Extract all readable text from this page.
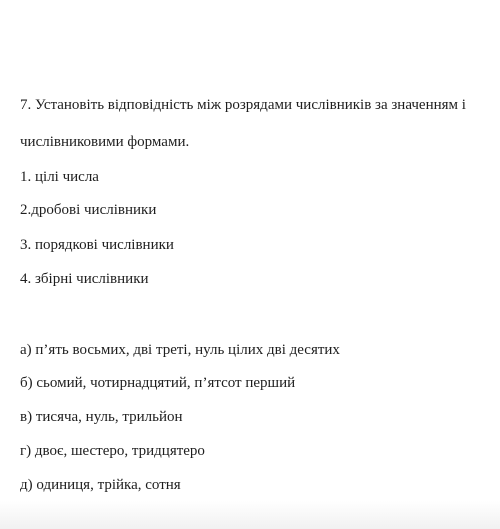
7. Установіть відповідність між розрядами числівників за значенням і
числівниковими формами.
1. цілі числа
2.дробові числівники
3. порядкові числівники
4. збірні числівники
а) п’ять восьмих, дві треті, нуль цілих дві десятих
б) сьомий, чотирнадцятий, п’ятсот перший
в) тисяча, нуль, трильйон
г) двоє, шестеро, тридцятеро
д) одиниця, трійка, сотня
